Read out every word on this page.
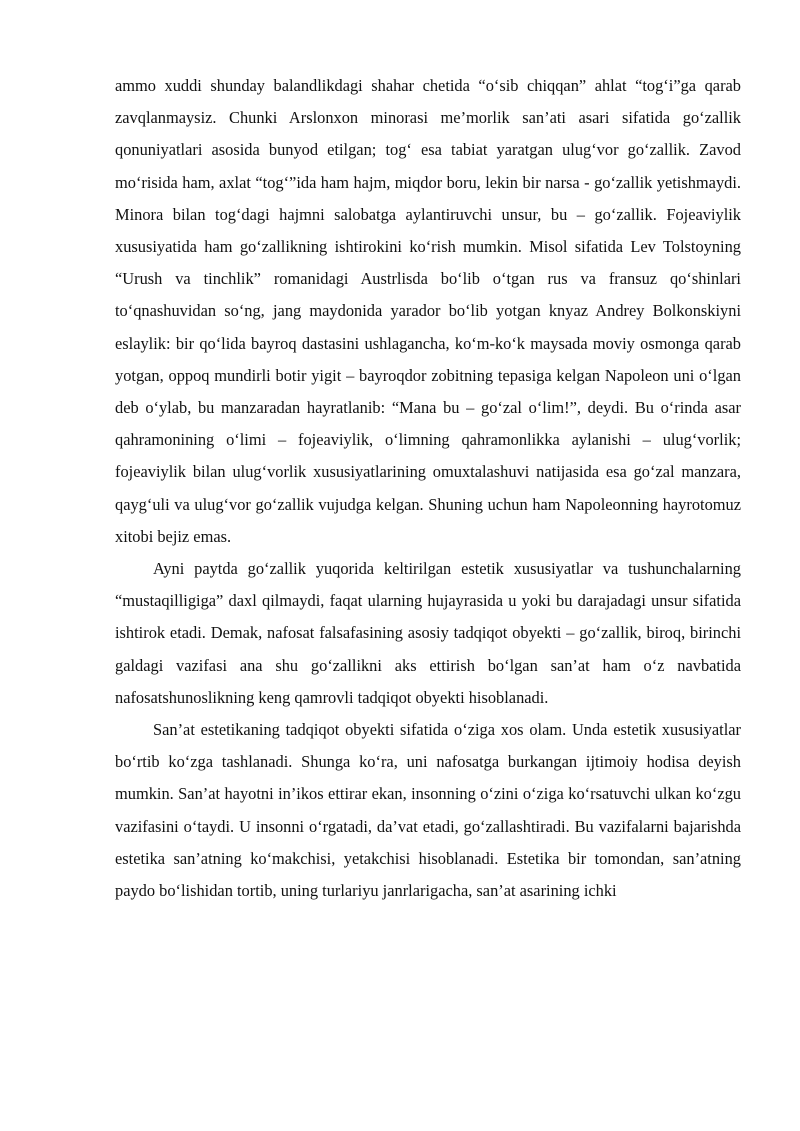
ammo xuddi shunday balandlikdagi shahar chetida “o‘sib chiqqan” ahlat “tog‘i”ga qarab zavqlanmaysiz. Chunki Arslonxon minorasi me’morlik san’ati asari sifatida go‘zallik qonuniyatlari asosida bunyod etilgan; tog‘ esa tabiat yaratgan ulug‘vor go‘zallik. Zavod mo‘risida ham, axlat “tog‘”ida ham hajm, miqdor boru, lekin bir narsa - go‘zallik yetishmaydi. Minora bilan tog‘dagi hajmni salobatga aylantiruvchi unsur, bu – go‘zallik. Fojeaviylik xususiyatida ham go‘zallikning ishtirokini ko‘rish mumkin. Misol sifatida Lev Tolstoyning “Urush va tinchlik” romanidagi Austrlisda bo‘lib o‘tgan rus va fransuz qo‘shinlari to‘qnashuvidan so‘ng, jang maydonida yarador bo‘lib yotgan knyaz Andrey Bolkonskiyni eslaylik: bir qo‘lida bayroq dastasini ushlagancha, ko‘m-ko‘k maysada moviy osmonga qarab yotgan, oppoq mundirli botir yigit – bayroqdor zobitning tepasiga kelgan Napoleon uni o‘lgan deb o‘ylab, bu manzaradan hayratlanib: “Mana bu – go‘zal o‘lim!”, deydi. Bu o‘rinda asar qahramonining o‘limi – fojeaviylik, o‘limning qahramonlikka aylanishi – ulug‘vorlik; fojeaviylik bilan ulug‘vorlik xususiyatlarining omuxtalashuvi natijasida esa go‘zal manzara, qayg‘uli va ulug‘vor go‘zallik vujudga kelgan. Shuning uchun ham Napoleonning hayrotomuz xitobi bejiz emas.

Ayni paytda go‘zallik yuqorida keltirilgan estetik xususiyatlar va tushunchalarning “mustaqilligiga” daxl qilmaydi, faqat ularning hujayrasida u yoki bu darajadagi unsur sifatida ishtirok etadi. Demak, nafosat falsafasining asosiy tadqiqot obyekti – go‘zallik, biroq, birinchi galdagi vazifasi ana shu go‘zallikni aks ettirish bo‘lgan san’at ham o‘z navbatida nafosatshunoslikning keng qamrovli tadqiqot obyekti hisoblanadi.

San’at estetikaning tadqiqot obyekti sifatida o‘ziga xos olam. Unda estetik xususiyatlar bo‘rtib ko‘zga tashlanadi. Shunga ko‘ra, uni nafosatga burkangan ijtimoiy hodisa deyish mumkin. San’at hayotni in’ikos ettirar ekan, insonning o‘zini o‘ziga ko‘rsatuvchi ulkan ko‘zgu vazifasini o‘taydi. U insonni o‘rgatadi, da’vat etadi, go‘zallashtiradi. Bu vazifalarni bajarishda estetika san’atning ko‘makchisi, yetakchisi hisoblanadi. Estetika bir tomondan, san’atning paydo bo‘lishidan tortib, uning turlariyu janrlarigacha, san’at asarining ichki
